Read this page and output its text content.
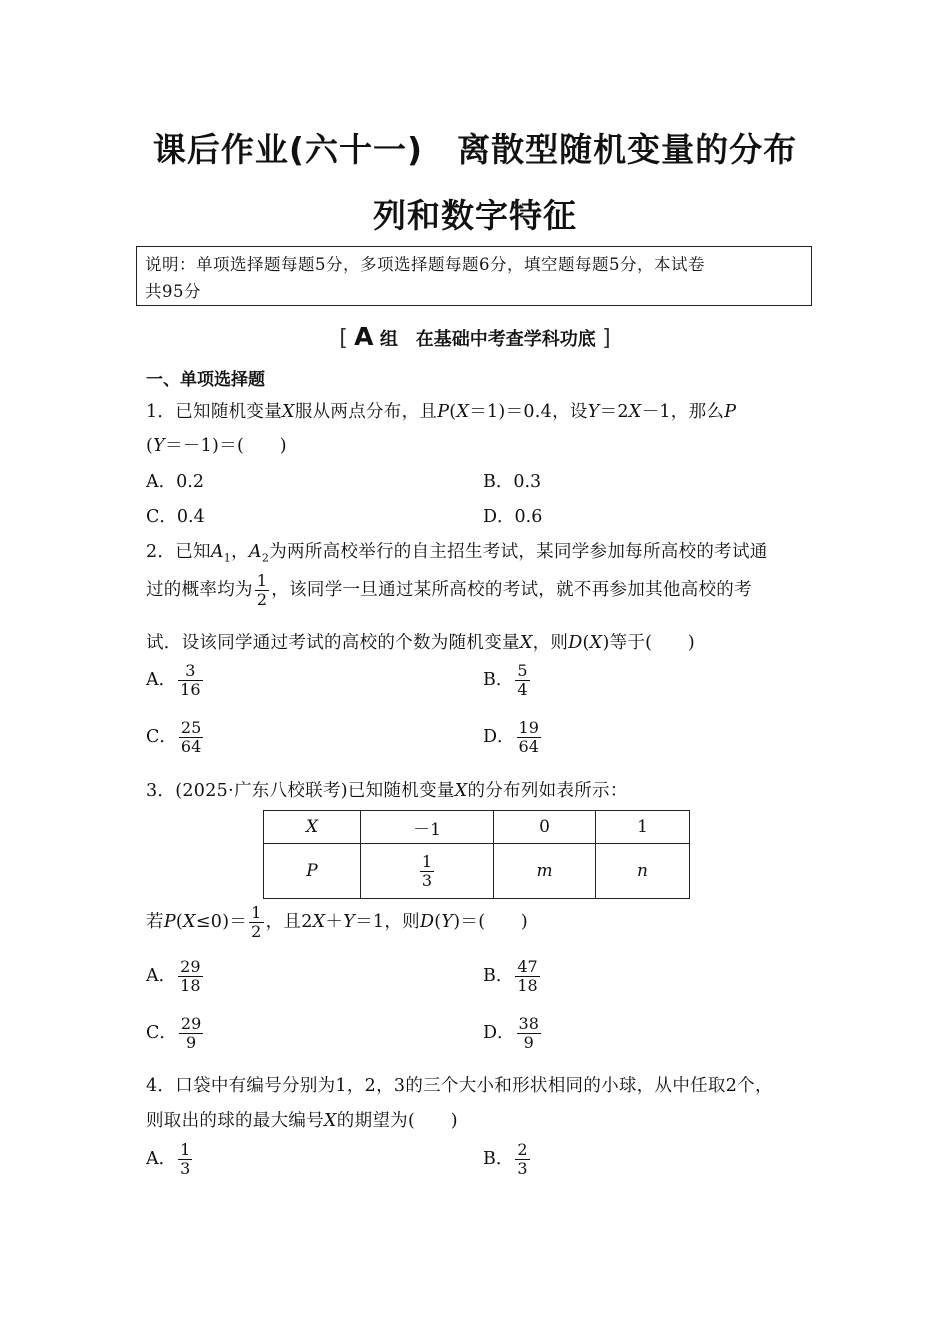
课后作业(六十一)　离散型随机变量的分布
列和数字特征
说明：单项选择题每题5分，多项选择题每题6分，填空题每题5分，本试卷
共95分
[ A 组　在基础中考查学科功底 ]
一、单项选择题
1．已知随机变量X服从两点分布，且P(X＝1)＝0.4，设Y＝2X－1，那么P
(Y＝－1)＝(　　)
A．0.2	B．0.3
C．0.4	D．0.6
2．已知$A_1$，$A_2$为两所高校举行的自主招生考试，某同学参加每所高校的考试通
过的概率均为 $\frac{1}{2}$ ，该同学一旦通过某所高校的考试，就不再参加其他高校的考
试．设该同学通过考试的高校的个数为随机变量X，则D(X)等于(　　)
A． $\frac{3}{16}$	B． $\frac{5}{4}$
C． $\frac{25}{64}$	D． $\frac{19}{64}$
3．(2025·广东八校联考)已知随机变量X的分布列如表所示：
X	－1	0	1
P	$\frac{1}{3}$	m	n
若$P(X\le 0)= \frac{1}{2}$ ，且2X＋Y＝1，则D(Y)＝(　　)
A． $\frac{29}{18}$	B． $\frac{47}{18}$
C． $\frac{29}{9}$	D． $\frac{38}{9}$
4．口袋中有编号分别为1，2，3的三个大小和形状相同的小球，从中任取2个，
则取出的球的最大编号X的期望为(　　)
A． $\frac{1}{3}$	B． $\frac{2}{3}$
